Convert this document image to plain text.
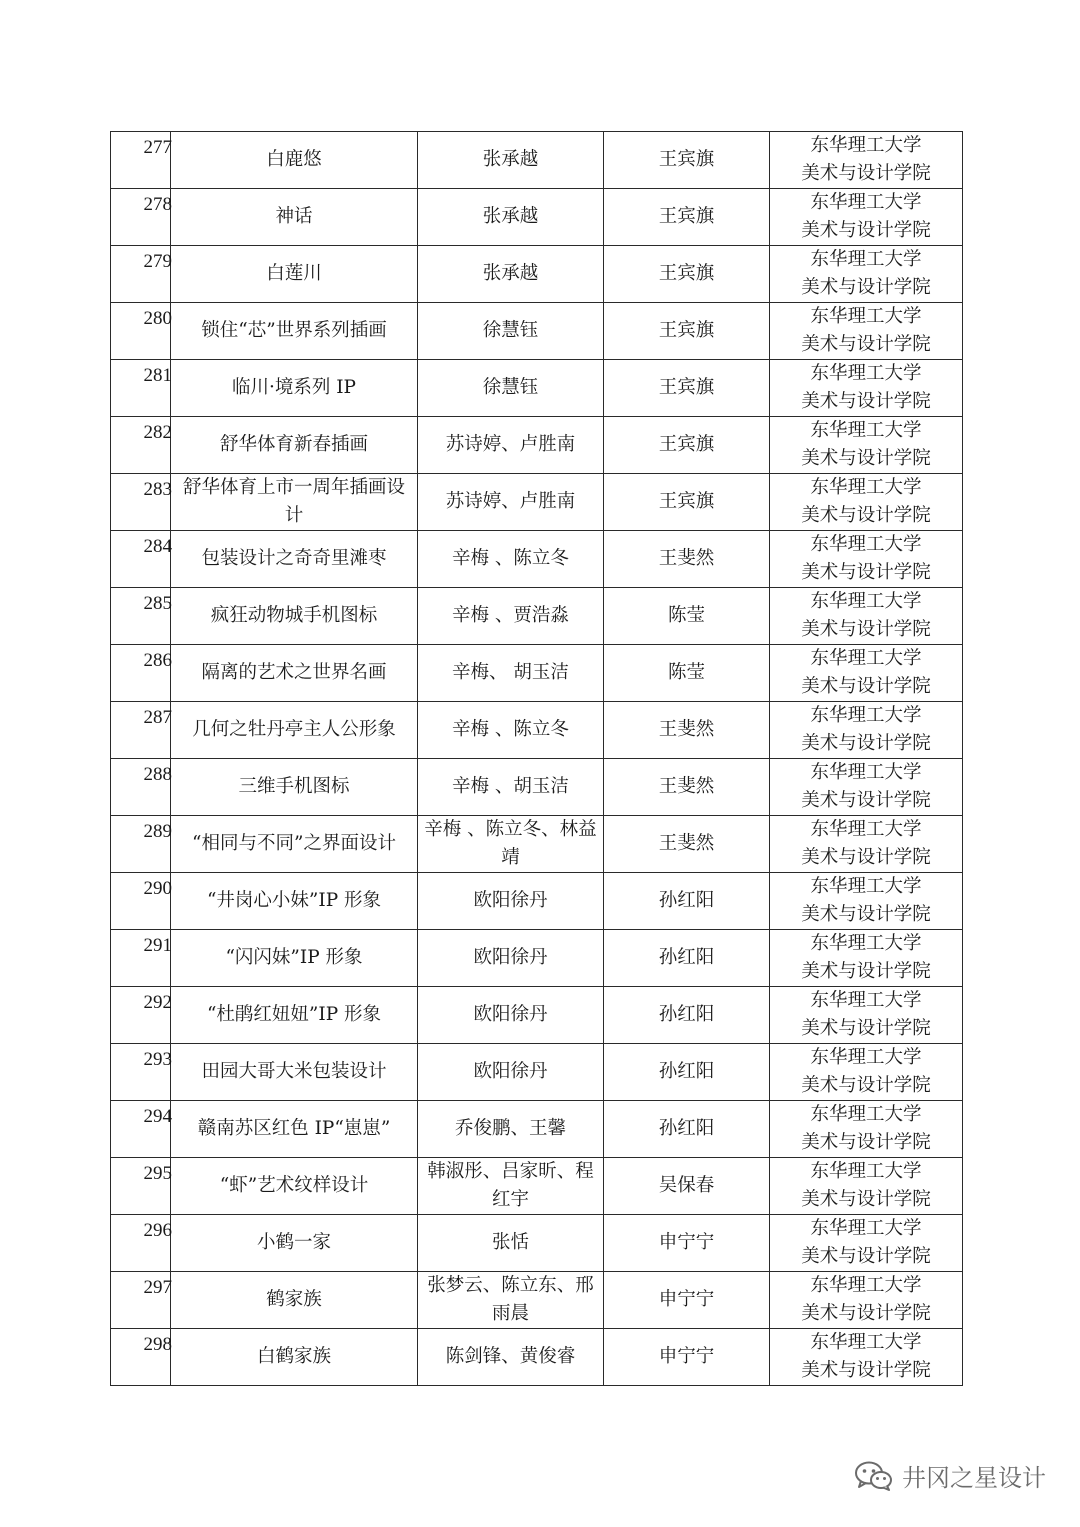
277	白鹿悠	张承越	王宾旗	东华理工大学
美术与设计学院

278	神话	张承越	王宾旗	东华理工大学
美术与设计学院

279	白莲川	张承越	王宾旗	东华理工大学
美术与设计学院

280	锁住“芯”世界系列插画	徐慧钰	王宾旗	东华理工大学
美术与设计学院

281	临川·境系列 IP	徐慧钰	王宾旗	东华理工大学
美术与设计学院

282	舒华体育新春插画	苏诗婷、卢胜南	王宾旗	东华理工大学
美术与设计学院

283	舒华体育上市一周年插画设计	苏诗婷、卢胜南	王宾旗	东华理工大学
美术与设计学院

284	包装设计之奇奇里滩枣	辛梅 、陈立冬	王斐然	东华理工大学
美术与设计学院

285	疯狂动物城手机图标	辛梅 、贾浩淼	陈莹	东华理工大学
美术与设计学院

286	隔离的艺术之世界名画	辛梅、 胡玉洁	陈莹	东华理工大学
美术与设计学院

287	几何之牡丹亭主人公形象	辛梅 、陈立冬	王斐然	东华理工大学
美术与设计学院

288	三维手机图标	辛梅 、胡玉洁	王斐然	东华理工大学
美术与设计学院

289	“相同与不同”之界面设计	辛梅 、陈立冬、林益靖	王斐然	东华理工大学
美术与设计学院

290	“井岗心小妹”IP 形象	欧阳徐丹	孙红阳	东华理工大学
美术与设计学院

291	“闪闪妹”IP 形象	欧阳徐丹	孙红阳	东华理工大学
美术与设计学院

292	“杜鹃红妞妞”IP 形象	欧阳徐丹	孙红阳	东华理工大学
美术与设计学院

293	田园大哥大米包装设计	欧阳徐丹	孙红阳	东华理工大学
美术与设计学院

294	赣南苏区红色 IP“崽崽”	乔俊鹏、王馨	孙红阳	东华理工大学
美术与设计学院

295	“虾”艺术纹样设计	韩淑彤、吕家昕、程红宇	吴保春	东华理工大学
美术与设计学院

296	小鹤一家	张恬	申宁宁	东华理工大学
美术与设计学院

297	鹤家族	张梦云、陈立东、邢雨晨	申宁宁	东华理工大学
美术与设计学院

298	白鹤家族	陈剑锋、黄俊睿	申宁宁	东华理工大学
美术与设计学院
井冈之星设计
